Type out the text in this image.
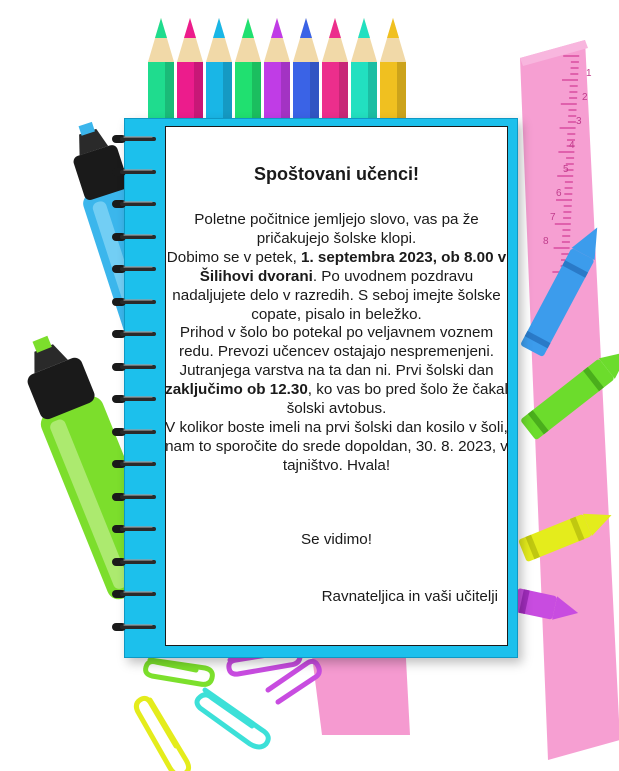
1
2
3
4
5
6
7
8
Spoštovani učenci!
Poletne počitnice jemljejo slovo, vas pa že pričakujejo šolske klopi.
Dobimo se v petek, 1. septembra 2023, ob 8.00 v Šilihovi dvorani. Po uvodnem pozdravu nadaljujete delo v razredih. S seboj imejte šolske copate, pisalo in beležko.
Prihod v šolo bo potekal po veljavnem voznem redu. Prevozi učencev ostajajo nespremenjeni. Jutranjega varstva na ta dan ni. Prvi šolski dan zaključimo ob 12.30, ko vas bo pred šolo že čakal šolski avtobus.
V kolikor boste imeli na prvi šolski dan kosilo v šoli, nam to sporočite do srede dopoldan, 30. 8. 2023, v tajništvo. Hvala!
Se vidimo!
Ravnateljica in vaši učitelji
